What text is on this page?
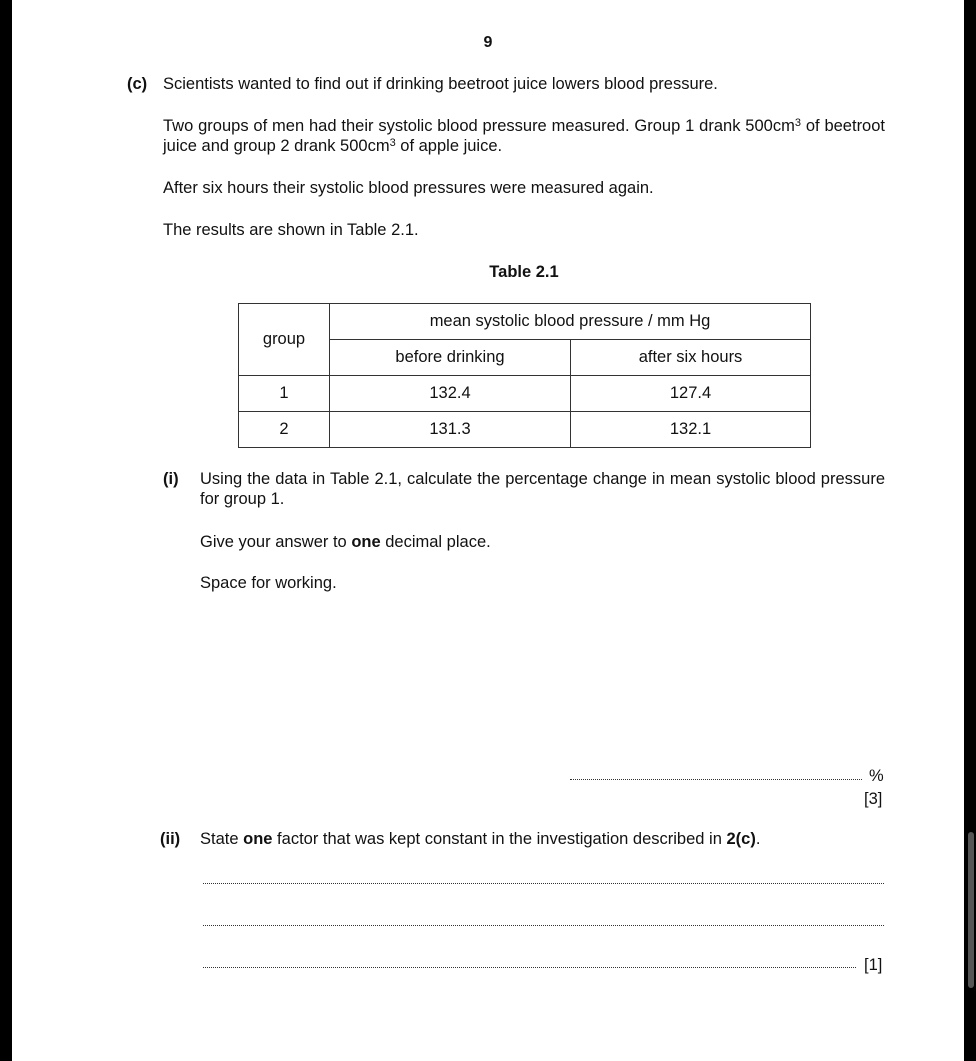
9
(c) Scientists wanted to find out if drinking beetroot juice lowers blood pressure.
Two groups of men had their systolic blood pressure measured. Group 1 drank $500cm^3$ of beetroot juice and group 2 drank $500cm^3$ of apple juice.
After six hours their systolic blood pressures were measured again.
The results are shown in Table 2.1.
Table 2.1
group	mean systolic blood pressure / mm Hg	
	before drinking	after six hours
1	132.4	127.4
2	131.3	132.1
(i) Using the data in Table 2.1, calculate the percentage change in mean systolic blood pressure for group 1.
Give your answer to one decimal place.
Space for working.
%
[3]
(ii) State one factor that was kept constant in the investigation described in 2(c).
[1]
